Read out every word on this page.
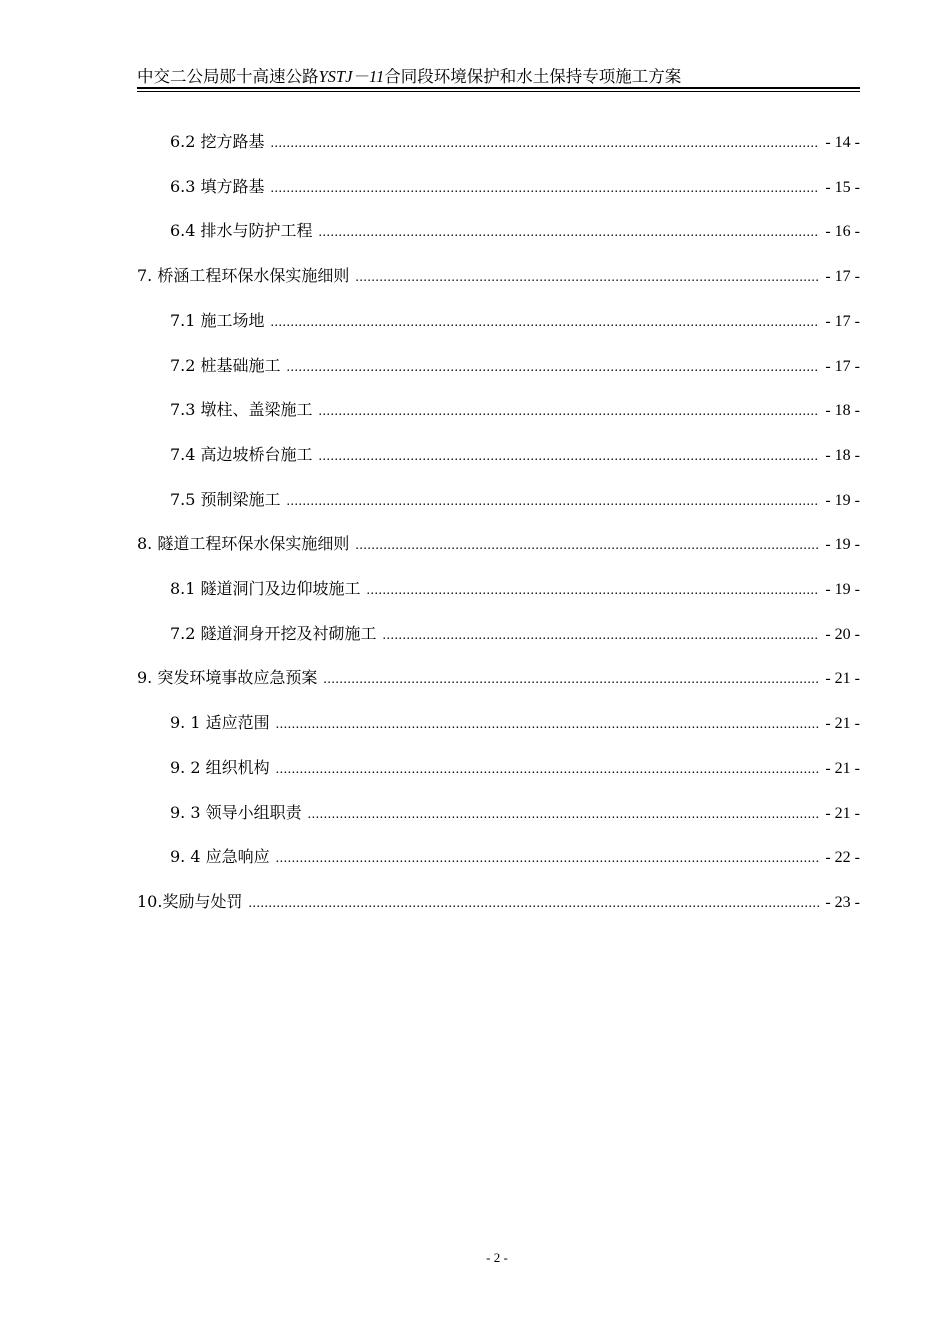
中交二公局郧十高速公路YSTJ－11合同段环境保护和水土保持专项施工方案
6.2 挖方路基 .....	- 14 -
6.3 填方路基 .....	- 15 -
6.4 排水与防护工程 .....	- 16 -
7. 桥涵工程环保水保实施细则 .....	- 17 -
7.1 施工场地 .....	- 17 -
7.2 桩基础施工 .....	- 17 -
7.3 墩柱、盖梁施工 .....	- 18 -
7.4 高边坡桥台施工 .....	- 18 -
7.5 预制梁施工 .....	- 19 -
8. 隧道工程环保水保实施细则 .....	- 19 -
8.1 隧道洞门及边仰坡施工 .....	- 19 -
7.2 隧道洞身开挖及衬砌施工 .....	- 20 -
9. 突发环境事故应急预案 .....	- 21 -
9. 1 适应范围 .....	- 21 -
9. 2 组织机构 .....	- 21 -
9. 3 领导小组职责 .....	- 21 -
9. 4 应急响应 .....	- 22 -
10.奖励与处罚 .....	- 23 -
- 2 -
